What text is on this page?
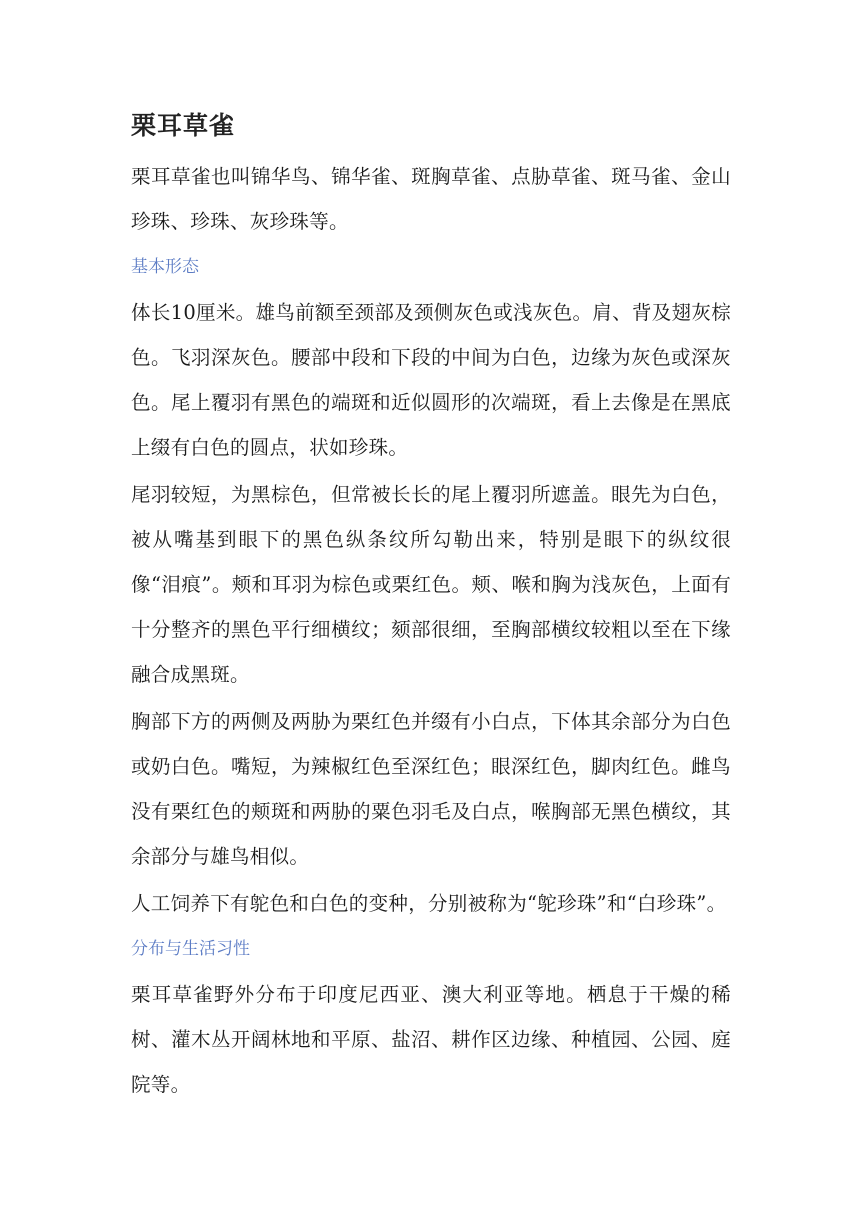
栗耳草雀

栗耳草雀也叫锦华鸟、锦华雀、斑胸草雀、点胁草雀、斑马雀、金山珍珠、珍珠、灰珍珠等。

基本形态

体长10厘米。雄鸟前额至颈部及颈侧灰色或浅灰色。肩、背及翅灰棕色。飞羽深灰色。腰部中段和下段的中间为白色，边缘为灰色或深灰色。尾上覆羽有黑色的端斑和近似圆形的次端斑，看上去像是在黑底上缀有白色的圆点，状如珍珠。

尾羽较短，为黑棕色，但常被长长的尾上覆羽所遮盖。眼先为白色，被从嘴基到眼下的黑色纵条纹所勾勒出来，特别是眼下的纵纹很像“泪痕”。颊和耳羽为棕色或栗红色。颊、喉和胸为浅灰色，上面有十分整齐的黑色平行细横纹；颏部很细，至胸部横纹较粗以至在下缘融合成黑斑。

胸部下方的两侧及两胁为栗红色并缀有小白点，下体其余部分为白色或奶白色。嘴短，为辣椒红色至深红色；眼深红色，脚肉红色。雌鸟没有栗红色的颊斑和两胁的粟色羽毛及白点，喉胸部无黑色横纹，其余部分与雄鸟相似。

人工饲养下有鸵色和白色的变种，分别被称为“鸵珍珠”和“白珍珠”。

分布与生活习性

栗耳草雀野外分布于印度尼西亚、澳大利亚等地。栖息于干燥的稀树、灌木丛开阔林地和平原、盐沼、耕作区边缘、种植园、公园、庭院等。
